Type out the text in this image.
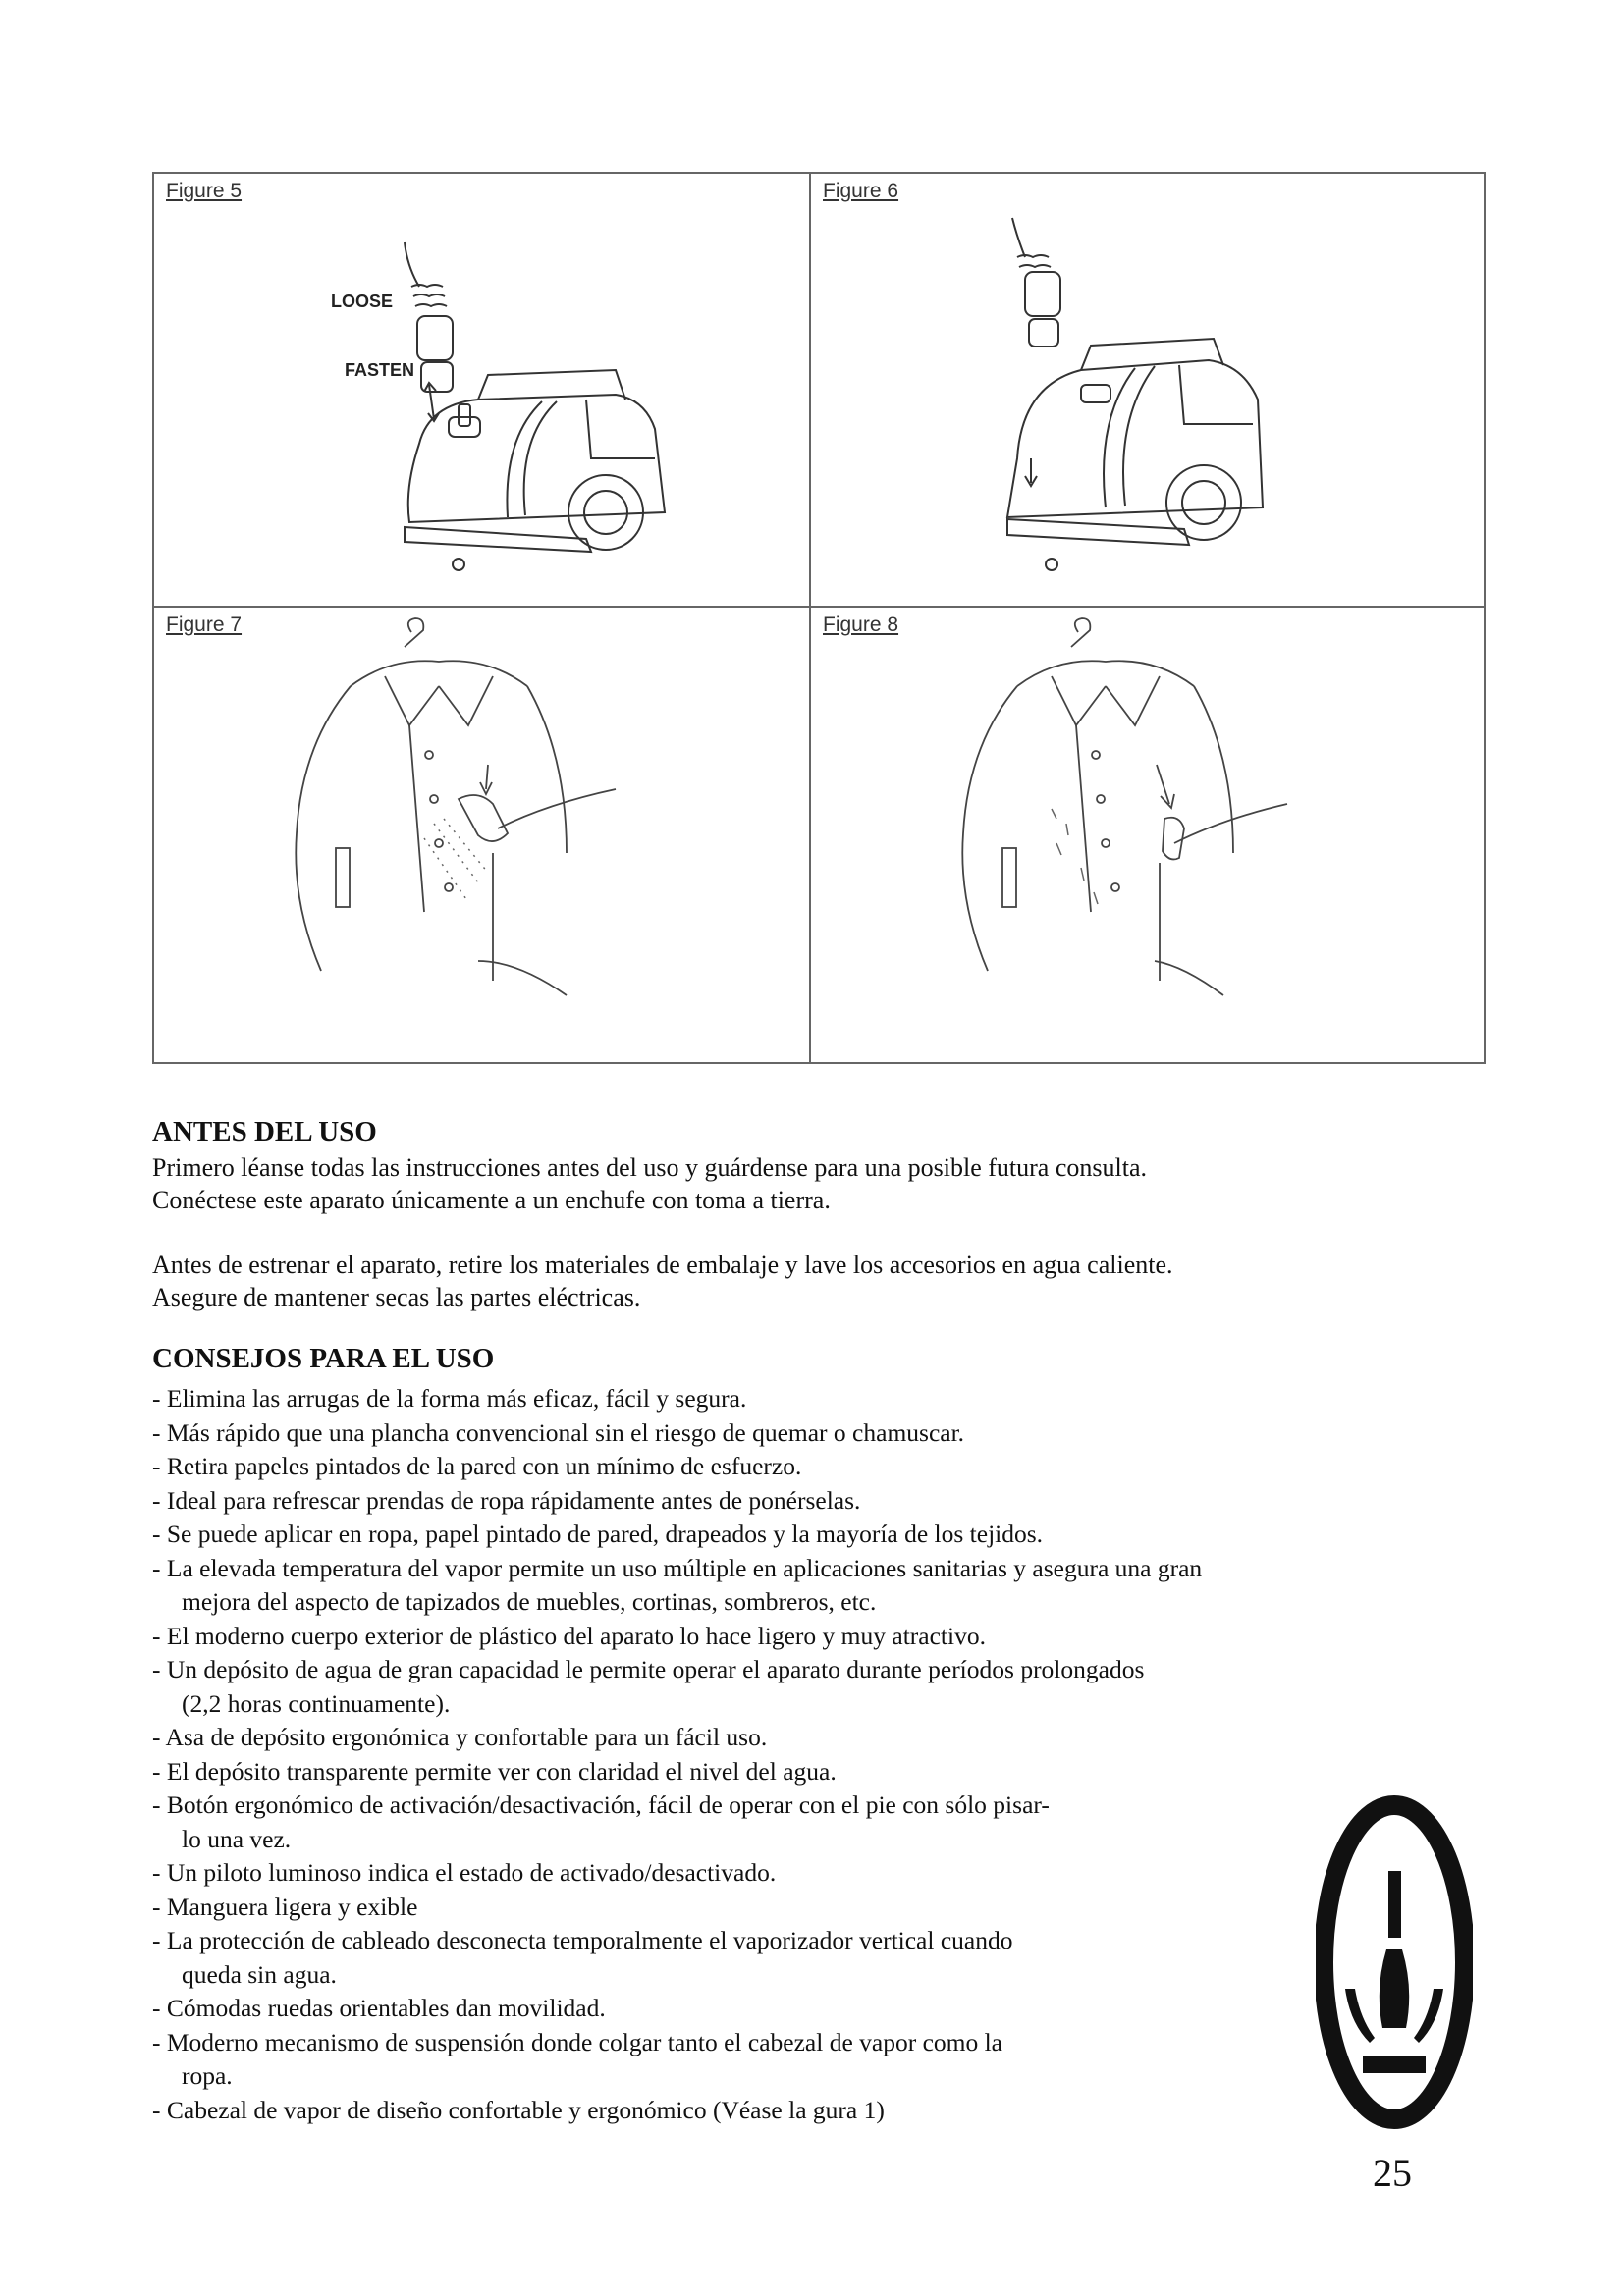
Figure 5
LOOSE
FASTEN
Figure 6
Figure 7	Figure 8
ANTES DEL USO
Primero léanse todas las instrucciones antes del uso y guárdense para una posible futura consulta.
Conéctese este aparato únicamente a un enchufe con toma a tierra.
Antes de estrenar el aparato, retire los materiales de embalaje y lave los accesorios en agua caliente.
Asegure de mantener secas las partes eléctricas.
CONSEJOS PARA EL USO
- Elimina las arrugas de la forma más eficaz, fácil y segura.
- Más rápido que una plancha convencional sin el riesgo de quemar o chamuscar.
- Retira papeles pintados de la pared con un mínimo de esfuerzo.
- Ideal para refrescar prendas de ropa rápidamente antes de ponérselas.
- Se puede aplicar en ropa, papel pintado de pared, drapeados y la mayoría de los tejidos.
- La elevada temperatura del vapor permite un uso múltiple en aplicaciones sanitarias y asegura una gran
mejora del aspecto de tapizados de muebles, cortinas, sombreros, etc.
- El moderno cuerpo exterior de plástico del aparato lo hace ligero y muy atractivo.
- Un depósito de agua de gran capacidad le permite operar el aparato durante períodos prolongados
(2,2 horas continuamente).
- Asa de depósito ergonómica y confortable para un fácil uso.
- El depósito transparente permite ver con claridad el nivel del agua.
- Botón ergonómico de activación/desactivación, fácil de operar con el pie con sólo pisar-
lo una vez.
- Un piloto luminoso indica el estado de activado/desactivado.
- Manguera ligera y exible
- La protección de cableado desconecta temporalmente el vaporizador vertical cuando
queda sin agua.
- Cómodas ruedas orientables dan movilidad.
- Moderno mecanismo de suspensión donde colgar tanto el cabezal de vapor como la
ropa.
- Cabezal de vapor de diseño confortable y ergonómico (Véase la gura 1)
25
